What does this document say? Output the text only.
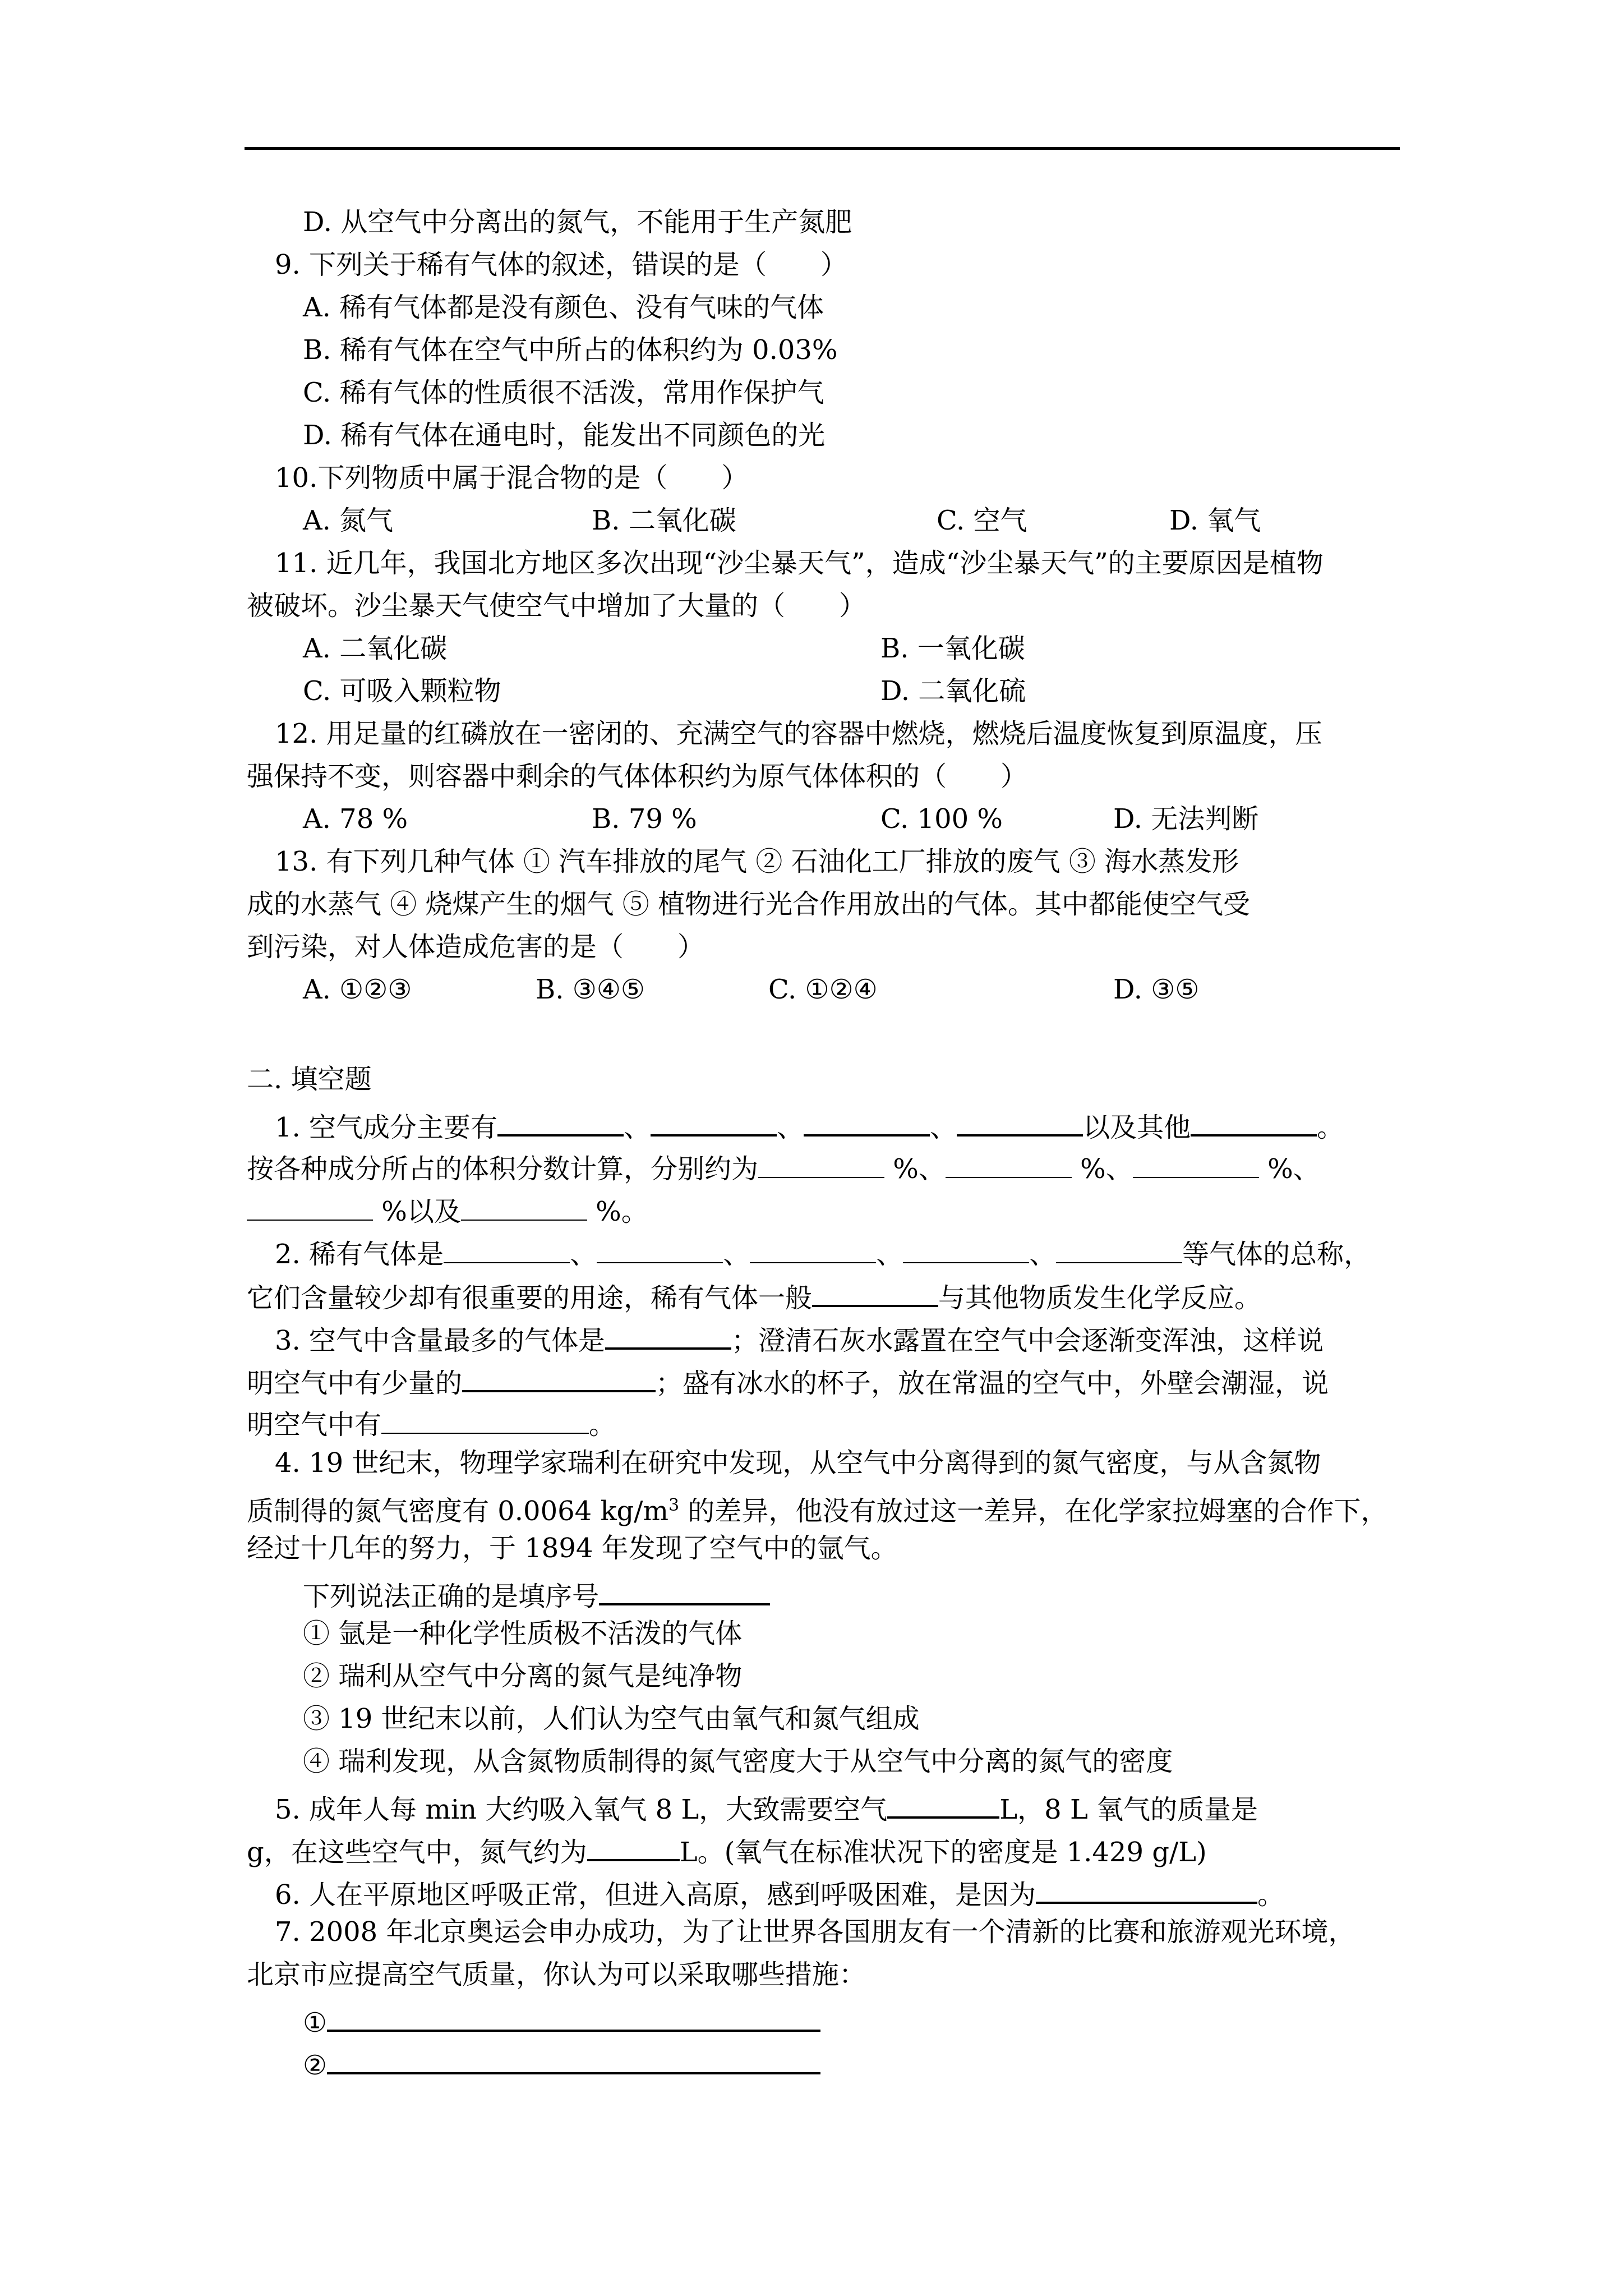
D. 从空气中分离出的氮气，不能用于生产氮肥
9. 下列关于稀有气体的叙述，错误的是（　　）
A. 稀有气体都是没有颜色、没有气味的气体
B. 稀有气体在空气中所占的体积约为 0.03%
C. 稀有气体的性质很不活泼，常用作保护气
D. 稀有气体在通电时，能发出不同颜色的光
10.下列物质中属于混合物的是（　　）
A. 氮气	B. 二氧化碳	C. 空气	D. 氧气
11. 近几年，我国北方地区多次出现“沙尘暴天气”，造成“沙尘暴天气”的主要原因是植物
被破坏。沙尘暴天气使空气中增加了大量的（　　）
A. 二氧化碳	B. 一氧化碳
C. 可吸入颗粒物	D. 二氧化硫
12. 用足量的红磷放在一密闭的、充满空气的容器中燃烧，燃烧后温度恢复到原温度，压
强保持不变，则容器中剩余的气体体积约为原气体体积的（　　）
A. 78 %	B. 79 %	C. 100 %	D. 无法判断
13. 有下列几种气体 ① 汽车排放的尾气 ② 石油化工厂排放的废气 ③ 海水蒸发形
成的水蒸气 ④ 烧煤产生的烟气 ⑤ 植物进行光合作用放出的气体。其中都能使空气受
到污染，对人体造成危害的是（　　）
A. ①②③	B. ③④⑤	C. ①②④	D. ③⑤
二. 填空题
1. 空气成分主要有	、	、	、	以及其他	。
按各种成分所占的体积分数计算，分别约为	%、	%、	%、
%以及	%。
2. 稀有气体是	、	、	、	、	等气体的总称，
它们含量较少却有很重要的用途，稀有气体一般	与其他物质发生化学反应。
3. 空气中含量最多的气体是	；澄清石灰水露置在空气中会逐渐变浑浊，这样说
明空气中有少量的	；盛有冰水的杯子，放在常温的空气中，外壁会潮湿，说
明空气中有	。
4. 19 世纪末，物理学家瑞利在研究中发现，从空气中分离得到的氮气密度，与从含氮物
质制得的氮气密度有 0.0064 $kg/m^3$ 的差异，他没有放过这一差异，在化学家拉姆塞的合作下，
经过十几年的努力，于 1894 年发现了空气中的氩气。
下列说法正确的是填序号
① 氩是一种化学性质极不活泼的气体
② 瑞利从空气中分离的氮气是纯净物
③ 19 世纪末以前，人们认为空气由氧气和氮气组成
④ 瑞利发现，从含氮物质制得的氮气密度大于从空气中分离的氮气的密度
5. 成年人每 min 大约吸入氧气 8 L，大致需要空气	L，8 L 氧气的质量是
g，在这些空气中，氮气约为	L。(氧气在标准状况下的密度是 1.429 g/L)
6. 人在平原地区呼吸正常，但进入高原，感到呼吸困难，是因为	。
7. 2008 年北京奥运会申办成功，为了让世界各国朋友有一个清新的比赛和旅游观光环境，
北京市应提高空气质量，你认为可以采取哪些措施：
①
②
